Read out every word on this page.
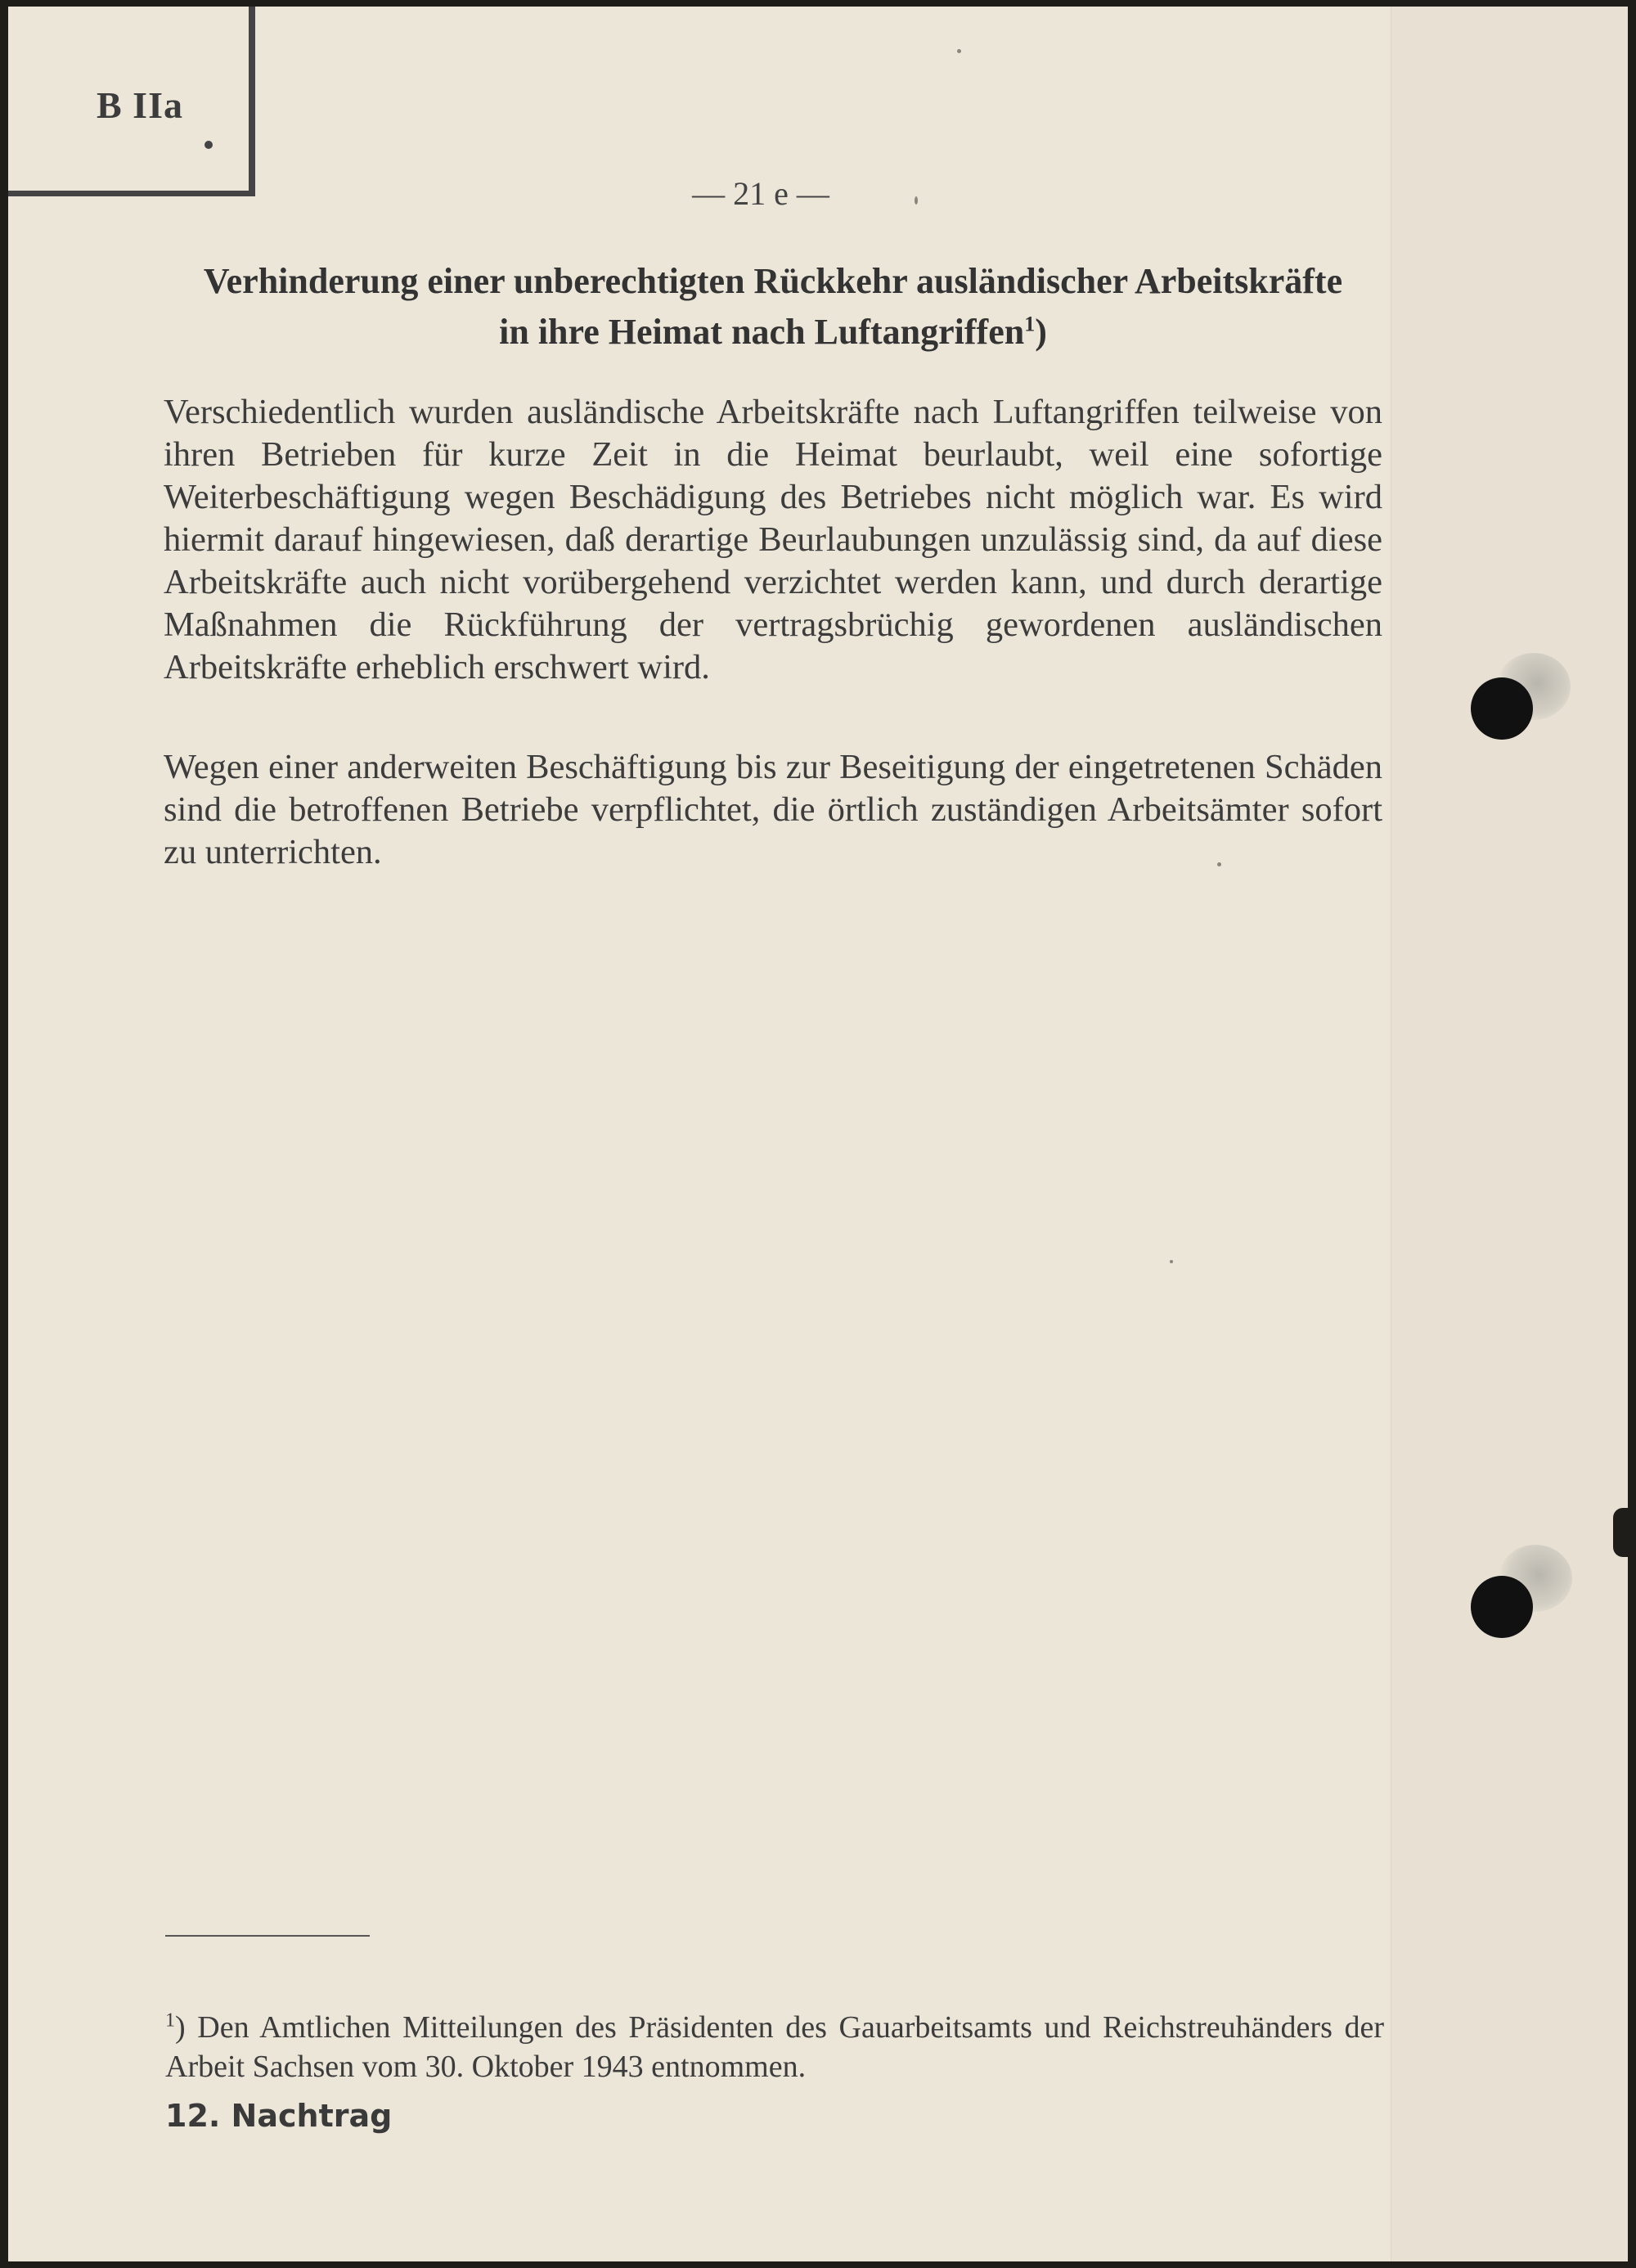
B IIa
— 21 e —
Verhinderung einer unberechtigten Rückkehr ausländischer Arbeitskräfte
in ihre Heimat nach Luftangriffen$^1$)

Verschiedentlich wurden ausländische Arbeitskräfte nach Luftangriffen teilweise von ihren Betrieben für kurze Zeit in die Heimat beurlaubt, weil eine sofortige Weiterbeschäftigung wegen Beschädigung des Betriebes nicht möglich war. Es wird hiermit darauf hingewiesen, daß derartige Beurlaubungen unzulässig sind, da auf diese Arbeitskräfte auch nicht vorübergehend verzichtet werden kann, und durch derartige Maßnahmen die Rückführung der vertragsbrüchig gewordenen ausländischen Arbeitskräfte erheblich erschwert wird.

Wegen einer anderweiten Beschäftigung bis zur Beseitigung der eingetretenen Schäden sind die betroffenen Betriebe verpflichtet, die örtlich zuständigen Arbeitsämter sofort zu unterrichten.

$^1$) Den Amtlichen Mitteilungen des Präsidenten des Gauarbeitsamts und Reichstreuhänders der Arbeit Sachsen vom 30. Oktober 1943 entnommen.

12. Nachtrag
